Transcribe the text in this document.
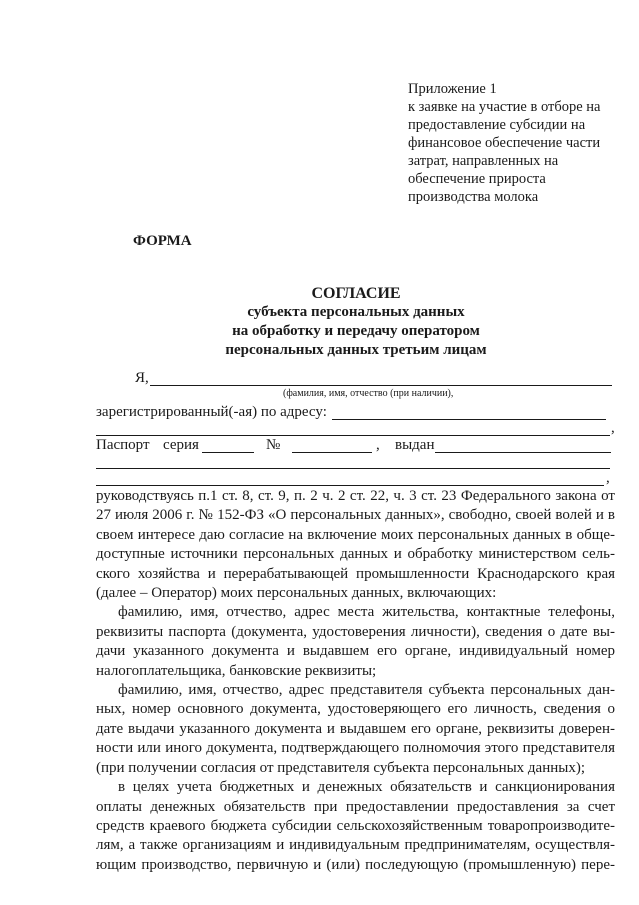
Приложение 1
к заявке на участие в отборе на
предоставление субсидии на
финансовое обеспечение части
затрат, направленных на
обеспечение прироста
производства молока
ФОРМА
СОГЛАСИЕ
субъекта персональных данных
на обработку и передачу оператором
персональных данных третьим лицам
Я,
(фамилия, имя, отчество (при наличии),
зарегистрированный(-ая) по адресу:
,
Паспорт серия	№	, выдан
,

руководствуясь п.1 ст. 8, ст. 9, п. 2 ч. 2 ст. 22, ч. 3 ст. 23 Федерального закона от
27 июля 2006 г. № 152-ФЗ «О персональных данных», свободно, своей волей и в
своем интересе даю согласие на включение моих персональных данных в обще-
доступные источники персональных данных и обработку министерством сель-
ского хозяйства и перерабатывающей промышленности Краснодарского края
(далее – Оператор) моих персональных данных, включающих:

фамилию, имя, отчество, адрес места жительства, контактные телефоны,
реквизиты паспорта (документа, удостоверения личности), сведения о дате вы-
дачи указанного документа и выдавшем его органе, индивидуальный номер
налогоплательщика, банковские реквизиты;

фамилию, имя, отчество, адрес представителя субъекта персональных дан-
ных, номер основного документа, удостоверяющего его личность, сведения о
дате выдачи указанного документа и выдавшем его органе, реквизиты доверен-
ности или иного документа, подтверждающего полномочия этого представителя
(при получении согласия от представителя субъекта персональных данных);

в целях учета бюджетных и денежных обязательств и санкционирования
оплаты денежных обязательств при предоставлении предоставления за счет
средств краевого бюджета субсидии сельскохозяйственным товаропроизводите-
лям, а также организациям и индивидуальным предпринимателям, осуществля-
ющим производство, первичную и (или) последующую (промышленную) пере-
